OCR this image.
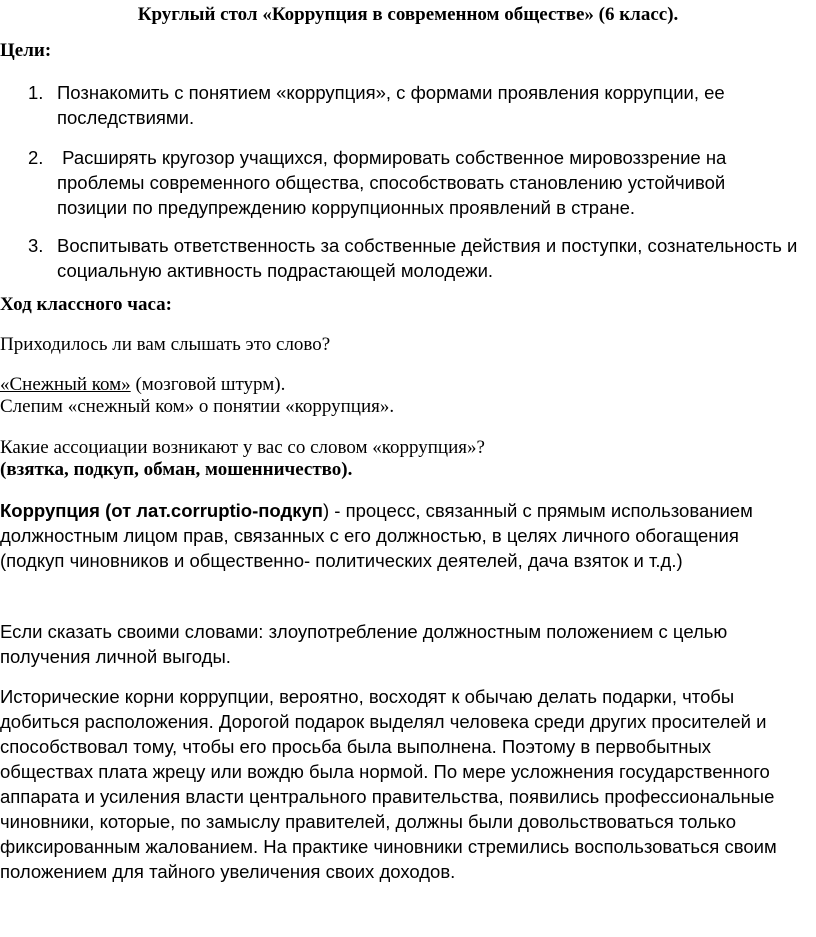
Круглый стол «Коррупция в современном обществе» (6 класс).
Цели:
1. Познакомить с понятием «коррупция», с формами проявления коррупции, ее последствиями.
2. Расширять кругозор учащихся, формировать собственное мировоззрение на проблемы современного общества, способствовать становлению устойчивой позиции по предупреждению коррупционных проявлений в стране.
3. Воспитывать ответственность за собственные действия и поступки, сознательность и социальную активность подрастающей молодежи.
Ход классного часа:
Приходилось ли вам слышать это слово?
«Снежный ком» (мозговой штурм).
Слепим «снежный ком» о понятии «коррупция».
Какие ассоциации возникают у вас со словом «коррупция»?
(взятка, подкуп, обман, мошенничество).
Коррупция (от лат.corruptio-подкуп) - процесс, связанный с прямым использованием должностным лицом прав, связанных с его должностью, в целях личного обогащения (подкуп чиновников и общественно- политических деятелей, дача взяток и т.д.)
Если сказать своими словами: злоупотребление должностным положением с целью получения личной выгоды.
Исторические корни коррупции, вероятно, восходят к обычаю делать подарки, чтобы добиться расположения. Дорогой подарок выделял человека среди других просителей и способствовал тому, чтобы его просьба была выполнена. Поэтому в первобытных обществах плата жрецу или вождю была нормой. По мере усложнения государственного аппарата и усиления власти центрального правительства, появились профессиональные чиновники, которые, по замыслу правителей, должны были довольствоваться только фиксированным жалованием. На практике чиновники стремились воспользоваться своим положением для тайного увеличения своих доходов.
